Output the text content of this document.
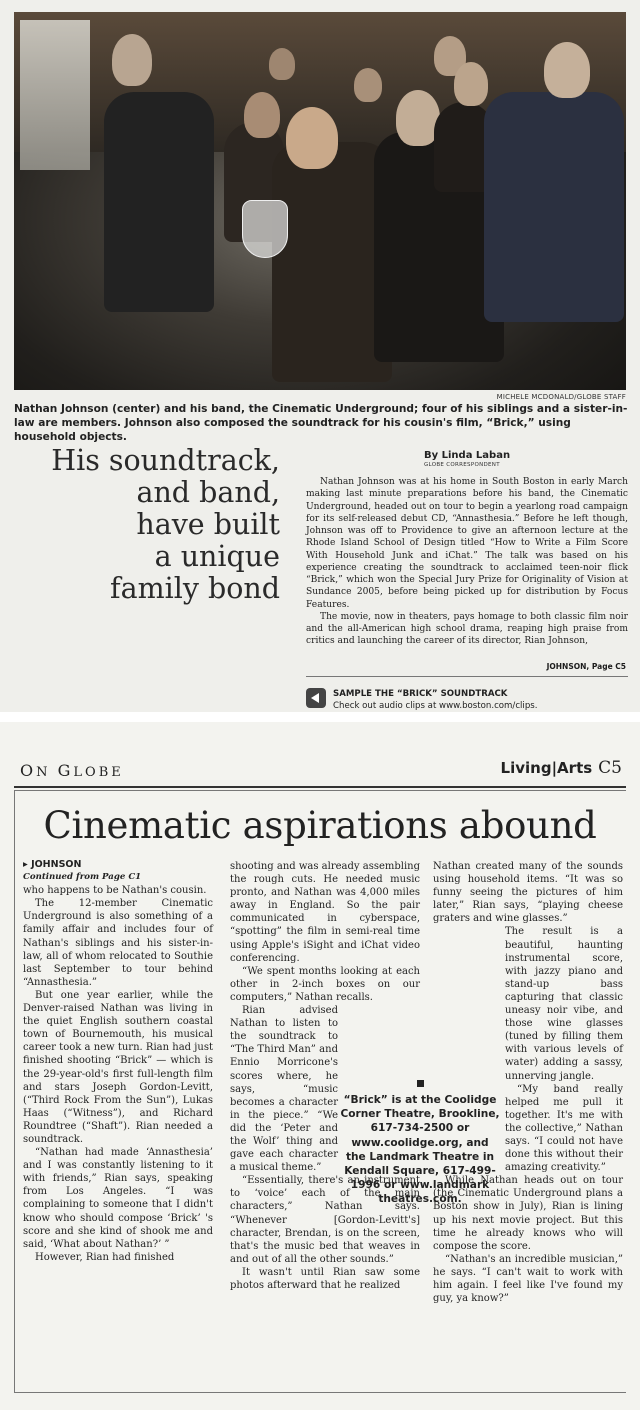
MICHELE MCDONALD/GLOBE STAFF
Nathan Johnson (center) and his band, the Cinematic Underground; four of his siblings and a sister-in-law are members. Johnson also composed the soundtrack for his cousin's film, “Brick,” using household objects.
His soundtrack,
and band,
have built
a unique
family bond
By Linda Laban
GLOBE CORRESPONDENT

Nathan Johnson was at his home in South Boston in early March making last minute preparations before his band, the Cinematic Underground, headed out on tour to begin a yearlong road campaign for its self-released debut CD, “Annasthesia.” Before he left though, Johnson was off to Providence to give an afternoon lecture at the Rhode Island School of Design titled “How to Write a Film Score With Household Junk and iChat.” The talk was based on his experience creating the soundtrack to acclaimed teen-noir flick “Brick,” which won the Special Jury Prize for Originality of Vision at Sundance 2005, before being picked up for distribution by Focus Features.

The movie, now in theaters, pays homage to both classic film noir and the all-American high school drama, reaping high praise from critics and launching the career of its director, Rian Johnson,

JOHNSON, Page C5
SAMPLE THE “BRICK” SOUNDTRACK
Check out audio clips at www.boston.com/clips.
ON GLOBE	Living|Arts C5
Cinematic aspirations abound

▸ JOHNSON

Continued from Page C1

who happens to be Nathan's cousin.

The 12-member Cinematic Underground is also something of a family affair and includes four of Nathan's siblings and his sister-in-law, all of whom relocated to Southie last September to tour behind “Annasthesia.”

But one year earlier, while the Denver-raised Nathan was living in the quiet English southern coastal town of Bournemouth, his musical career took a new turn. Rian had just finished shooting “Brick” — which is the 29-year-old's first full-length film and stars Joseph Gordon-Levitt, (“Third Rock From the Sun”), Lukas Haas (“Witness”), and Richard Roundtree (“Shaft”). Rian needed a soundtrack.

“Nathan had made ‘Annasthesia’ and I was constantly listening to it with friends,” Rian says, speaking from Los Angeles. “I was complaining to someone that I didn't know who should compose ‘Brick’ 's score and she kind of shook me and said, ‘What about Nathan?’ ”

However, Rian had finished

shooting and was already assembling the rough cuts. He needed music pronto, and Nathan was 4,000 miles away in England. So the pair communicated in cyberspace, “spotting” the film in semi-real time using Apple's iSight and iChat video conferencing.

“We spent months looking at each other in 2-inch boxes on our computers,” Nathan recalls.

Rian advised Nathan to listen to the soundtrack to “The Third Man” and Ennio Morricone's scores where, he says, “music becomes a character in the piece.” “We did the ‘Peter and the Wolf’ thing and gave each character a musical theme.”

“Essentially, there's an instrument to ‘voice’ each of the main characters,” Nathan says. “Whenever [Gordon-Levitt's] character, Brendan, is on the screen, that's the music bed that weaves in and out of all the other sounds.”

It wasn't until Rian saw some photos afterward that he realized

“Brick” is at the Coolidge Corner Theatre, Brookline, 617-734-2500 or www.coolidge.org, and the Landmark Theatre in Kendall Square, 617-499-1996 or www.landmark theatres.com.

Nathan created many of the sounds using household items. “It was so funny seeing the pictures of him later,” Rian says, “playing cheese graters and wine glasses.”

The result is a beautiful, haunting instrumental score, with jazzy piano and stand-up bass capturing that classic uneasy noir vibe, and those wine glasses (tuned by filling them with various levels of water) adding a sassy, unnerving jangle.

“My band really helped me pull it together. It's me with the collective,” Nathan says. “I could not have done this without their amazing creativity.”

While Nathan heads out on tour (the Cinematic Underground plans a Boston show in July), Rian is lining up his next movie project. But this time he already knows who will compose the score.

“Nathan's an incredible musician,” he says. “I can't wait to work with him again. I feel like I've found my guy, ya know?”
